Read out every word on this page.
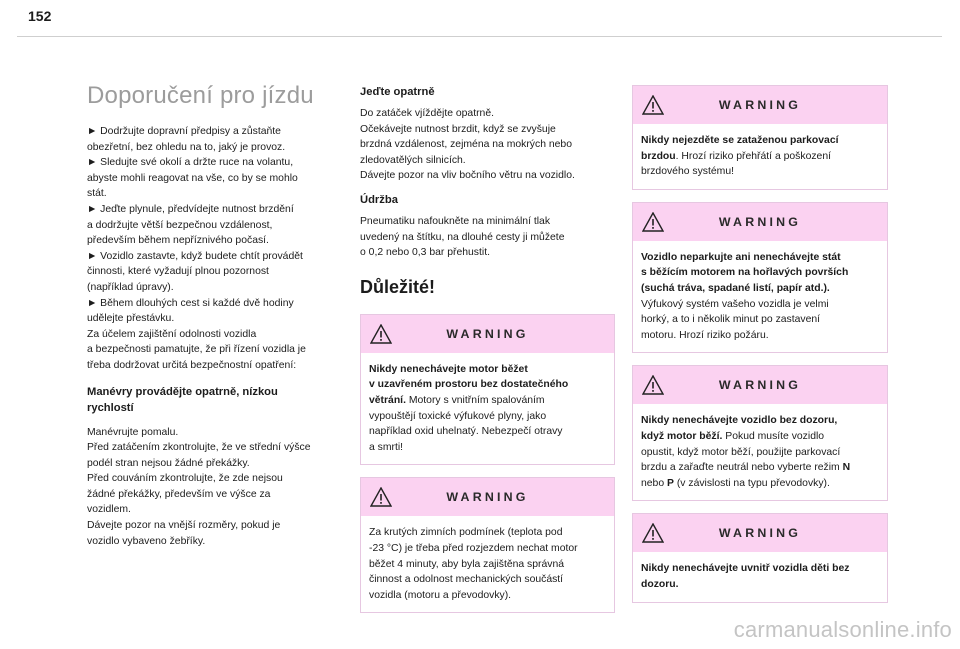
152
Doporučení pro jízdu

► Dodržujte dopravní předpisy a zůstaňte

obezřetní, bez ohledu na to, jaký je provoz.

► Sledujte své okolí a držte ruce na volantu,

abyste mohli reagovat na vše, co by se mohlo

stát.

► Jeďte plynule, předvídejte nutnost brzdění

a dodržujte větší bezpečnou vzdálenost,

především během nepříznivého počasí.

► Vozidlo zastavte, když budete chtít provádět

činnosti, které vyžadují plnou pozornost

(například úpravy).

► Během dlouhých cest si každé dvě hodiny

udělejte přestávku.

Za účelem zajištění odolnosti vozidla

a bezpečnosti pamatujte, že při řízení vozidla je

třeba dodržovat určitá bezpečnostní opatření:

Manévry provádějte opatrně, nízkou

rychlostí

Manévrujte pomalu.

Před zatáčením zkontrolujte, že ve střední výšce

podél stran nejsou žádné překážky.

Před couváním zkontrolujte, že zde nejsou

žádné překážky, především ve výšce za

vozidlem.

Dávejte pozor na vnější rozměry, pokud je

vozidlo vybaveno žebříky.

Jeďte opatrně

Do zatáček vjíždějte opatrně.

Očekávejte nutnost brzdit, když se zvyšuje

brzdná vzdálenost, zejména na mokrých nebo

zledovatělých silnicích.

Dávejte pozor na vliv bočního větru na vozidlo.

Údržba

Pneumatiku nafoukněte na minimální tlak

uvedený na štítku, na dlouhé cesty ji můžete

o 0,2 nebo 0,3 bar přehustit.

Důležité!
WARNING

Nikdy nenechávejte motor běžet

v uzavřeném prostoru bez dostatečného

větrání. Motory s vnitřním spalováním

vypouštějí toxické výfukové plyny, jako

například oxid uhelnatý. Nebezpečí otravy

a smrti!

WARNING

Za krutých zimních podmínek (teplota pod

-23 °C) je třeba před rozjezdem nechat motor

běžet 4 minuty, aby byla zajištěna správná

činnost a odolnost mechanických součástí

vozidla (motoru a převodovky).

WARNING

Nikdy nejezděte se zataženou parkovací

brzdou. Hrozí riziko přehřátí a poškození

brzdového systému!

WARNING

Vozidlo neparkujte ani nenechávejte stát

s běžícím motorem na hořlavých površích

(suchá tráva, spadané listí, papír atd.).

Výfukový systém vašeho vozidla je velmi

horký, a to i několik minut po zastavení

motoru. Hrozí riziko požáru.

WARNING

Nikdy nenechávejte vozidlo bez dozoru,

když motor běží. Pokud musíte vozidlo

opustit, když motor běží, použijte parkovací

brzdu a zařaďte neutrál nebo vyberte režim N

nebo P (v závislosti na typu převodovky).

WARNING

Nikdy nenechávejte uvnitř vozidla děti bez

dozoru.

carmanualsonline.info
